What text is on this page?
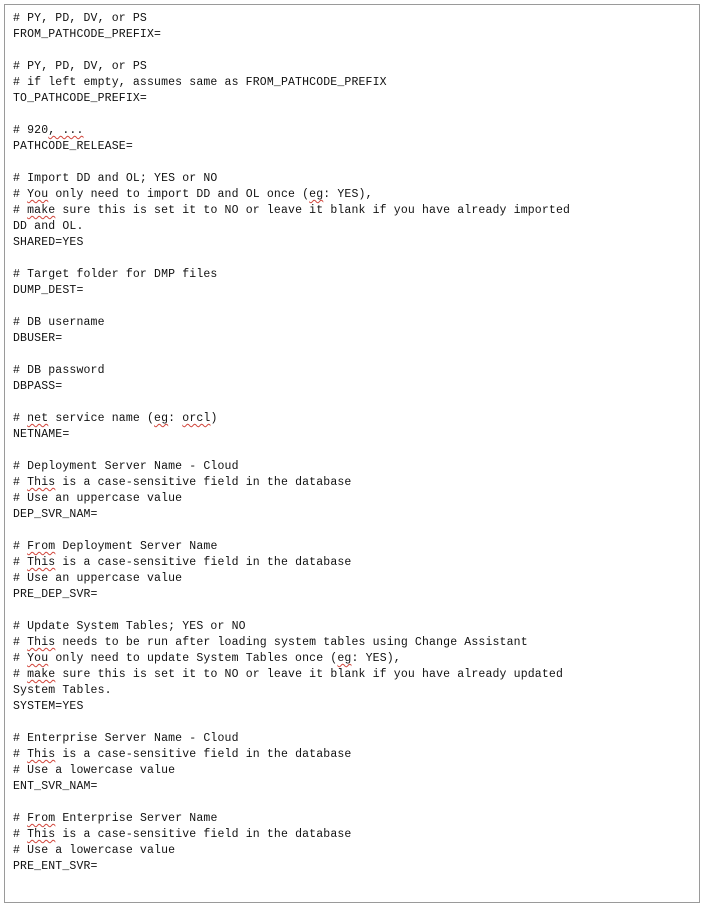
# PY, PD, DV, or PS
FROM_PATHCODE_PREFIX=
# PY, PD, DV, or PS
# if left empty, assumes same as FROM_PATHCODE_PREFIX
TO_PATHCODE_PREFIX=
# 920, ...
PATHCODE_RELEASE=
# Import DD and OL; YES or NO
# You only need to import DD and OL once (eg: YES),
# make sure this is set it to NO or leave it blank if you have already imported
DD and OL.
SHARED=YES
# Target folder for DMP files
DUMP_DEST=
# DB username
DBUSER=
# DB password
DBPASS=
# net service name (eg: orcl)
NETNAME=
# Deployment Server Name - Cloud
# This is a case-sensitive field in the database
# Use an uppercase value
DEP_SVR_NAM=
# From Deployment Server Name
# This is a case-sensitive field in the database
# Use an uppercase value
PRE_DEP_SVR=
# Update System Tables; YES or NO
# This needs to be run after loading system tables using Change Assistant
# You only need to update System Tables once (eg: YES),
# make sure this is set it to NO or leave it blank if you have already updated
System Tables.
SYSTEM=YES
# Enterprise Server Name - Cloud
# This is a case-sensitive field in the database
# Use a lowercase value
ENT_SVR_NAM=
# From Enterprise Server Name
# This is a case-sensitive field in the database
# Use a lowercase value
PRE_ENT_SVR=
